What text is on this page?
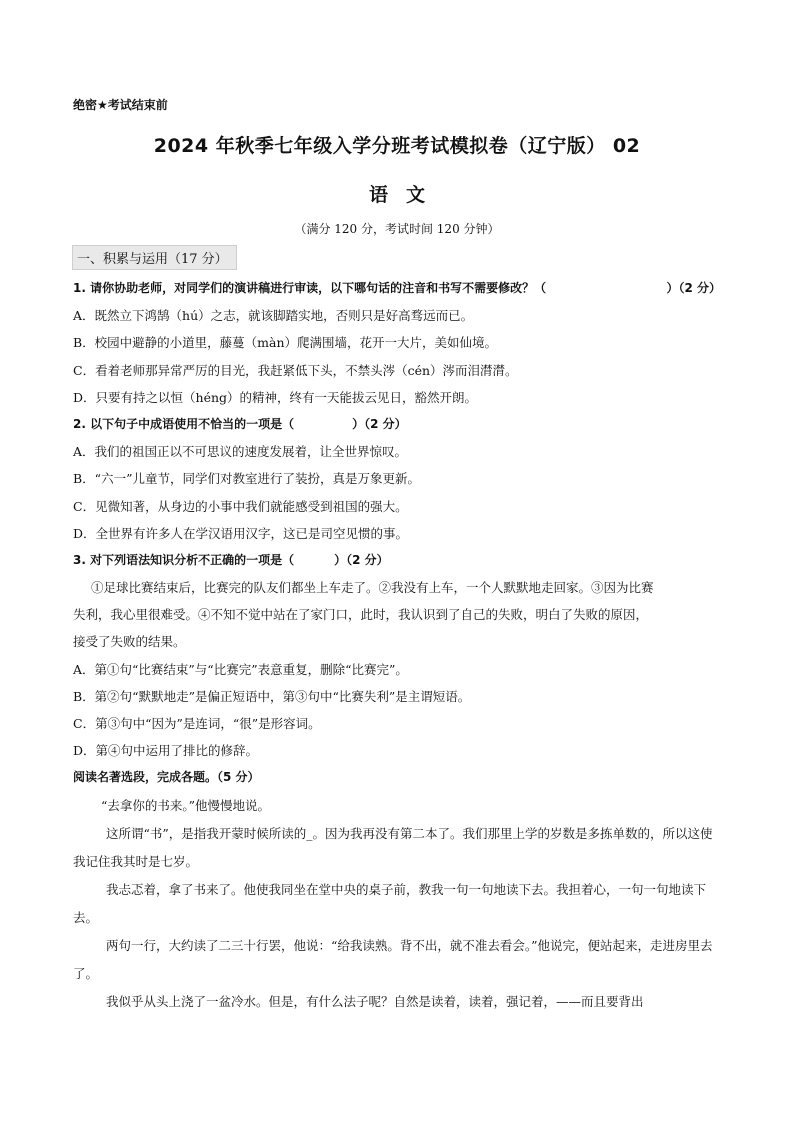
绝密★考试结束前
2024 年秋季七年级入学分班考试模拟卷（辽宁版） 02
语文
（满分 120 分，考试时间 120 分钟）
一、积累与运用（17 分）
1. 请你协助老师，对同学们的演讲稿进行审读，以下哪句话的注音和书写不需要修改？（	）（2 分）
A．既然立下鸿鹄（hú）之志，就该脚踏实地，否则只是好高骛远而已。
B．校园中避静的小道里，藤蔓（màn）爬满围墙，花开一大片，美如仙境。
C．看着老师那异常严厉的目光，我赶紧低下头，不禁头涔（cén）涔而泪潸潸。
D．只要有持之以恒（héng）的精神，终有一天能拔云见日，豁然开朗。
2. 以下句子中成语使用不恰当的一项是（	）（2 分）
A．我们的祖国正以不可思议的速度发展着，让全世界惊叹。
B．“六一”儿童节，同学们对教室进行了装扮，真是万象更新。
C．见微知著，从身边的小事中我们就能感受到祖国的强大。
D．全世界有许多人在学汉语用汉字，这已是司空见惯的事。
3. 对下列语法知识分析不正确的一项是（	）（2 分）
①足球比赛结束后，比赛完的队友们都坐上车走了。②我没有上车，一个人默默地走回家。③因为比赛
失利，我心里很难受。④不知不觉中站在了家门口，此时，我认识到了自己的失败，明白了失败的原因，
接受了失败的结果。
A．第①句“比赛结束”与“比赛完”表意重复，删除“比赛完”。
B．第②句“默默地走”是偏正短语中，第③句中“比赛失利”是主谓短语。
C．第③句中“因为”是连词，“很”是形容词。
D．第④句中运用了排比的修辞。
阅读名著选段，完成各题。（5 分）

“去拿你的书来。”他慢慢地说。

这所谓“书”，是指我开蒙时候所读的_。因为我再没有第二本了。我们那里上学的岁数是多拣单数的，所以这使我记住我其时是七岁。

我忐忑着，拿了书来了。他使我同坐在堂中央的桌子前，教我一句一句地读下去。我担着心，一句一句地读下去。

两句一行，大约读了二三十行罢，他说：“给我读熟。背不出，就不准去看会。”他说完，便站起来，走进房里去了。

我似乎从头上浇了一盆冷水。但是，有什么法子呢？自然是读着，读着，强记着，——而且要背出
